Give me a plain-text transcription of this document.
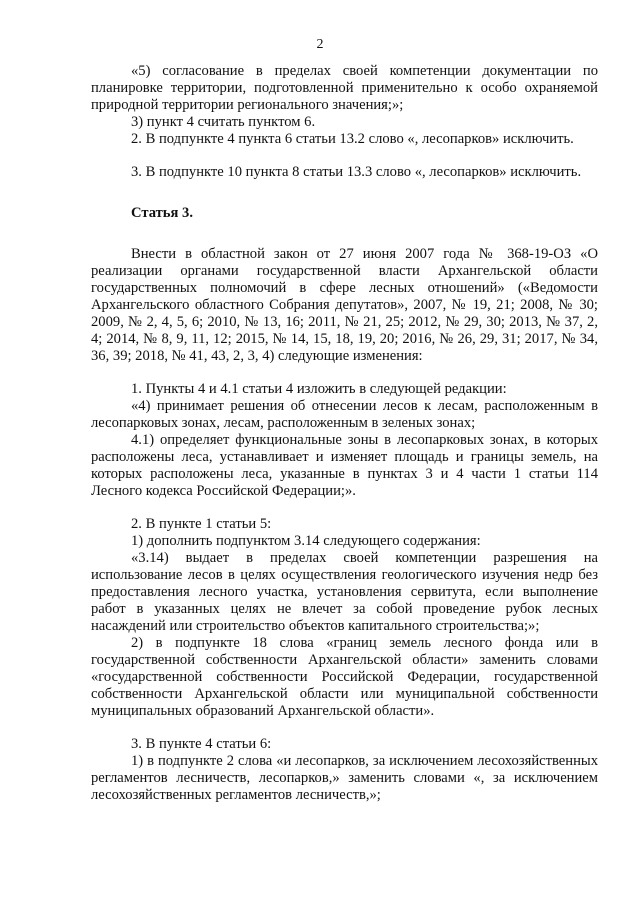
2

«5) согласование в пределах своей компетенции документации по планировке территории, подготовленной применительно к особо охраняемой природной территории регионального значения;»;

3) пункт 4 считать пунктом 6.

2. В подпункте 4 пункта 6 статьи 13.2 слово «, лесопарков» исключить.

3. В подпункте 10 пункта 8 статьи 13.3 слово «, лесопарков» исключить.

Статья 3.

Внести в областной закон от 27 июня 2007 года № 368-19-ОЗ «О реализации органами государственной власти Архангельской области государственных полномочий в сфере лесных отношений» («Ведомости Архангельского областного Собрания депутатов», 2007, № 19, 21; 2008, № 30; 2009, № 2, 4, 5, 6; 2010, № 13, 16; 2011, № 21, 25; 2012, № 29, 30; 2013, № 37, 2, 4; 2014, № 8, 9, 11, 12; 2015, № 14, 15, 18, 19, 20; 2016, № 26, 29, 31; 2017, № 34, 36, 39; 2018, № 41, 43, 2, 3, 4) следующие изменения:

1. Пункты 4 и 4.1 статьи 4 изложить в следующей редакции:

«4) принимает решения об отнесении лесов к лесам, расположенным в лесопарковых зонах, лесам, расположенным в зеленых зонах;

4.1) определяет функциональные зоны в лесопарковых зонах, в которых расположены леса, устанавливает и изменяет площадь и границы земель, на которых расположены леса, указанные в пунктах 3 и 4 части 1 статьи 114 Лесного кодекса Российской Федерации;».

2. В пункте 1 статьи 5:

1) дополнить подпунктом 3.14 следующего содержания:

«3.14) выдает в пределах своей компетенции разрешения на использование лесов в целях осуществления геологического изучения недр без предоставления лесного участка, установления сервитута, если выполнение работ в указанных целях не влечет за собой проведение рубок лесных насаждений или строительство объектов капитального строительства;»;

2) в подпункте 18 слова «границ земель лесного фонда или в государственной собственности Архангельской области» заменить словами «государственной собственности Российской Федерации, государственной собственности Архангельской области или муниципальной собственности муниципальных образований Архангельской области».

3. В пункте 4 статьи 6:

1) в подпункте 2 слова «и лесопарков, за исключением лесохозяйственных регламентов лесничеств, лесопарков,» заменить словами «, за исключением лесохозяйственных регламентов лесничеств,»;
